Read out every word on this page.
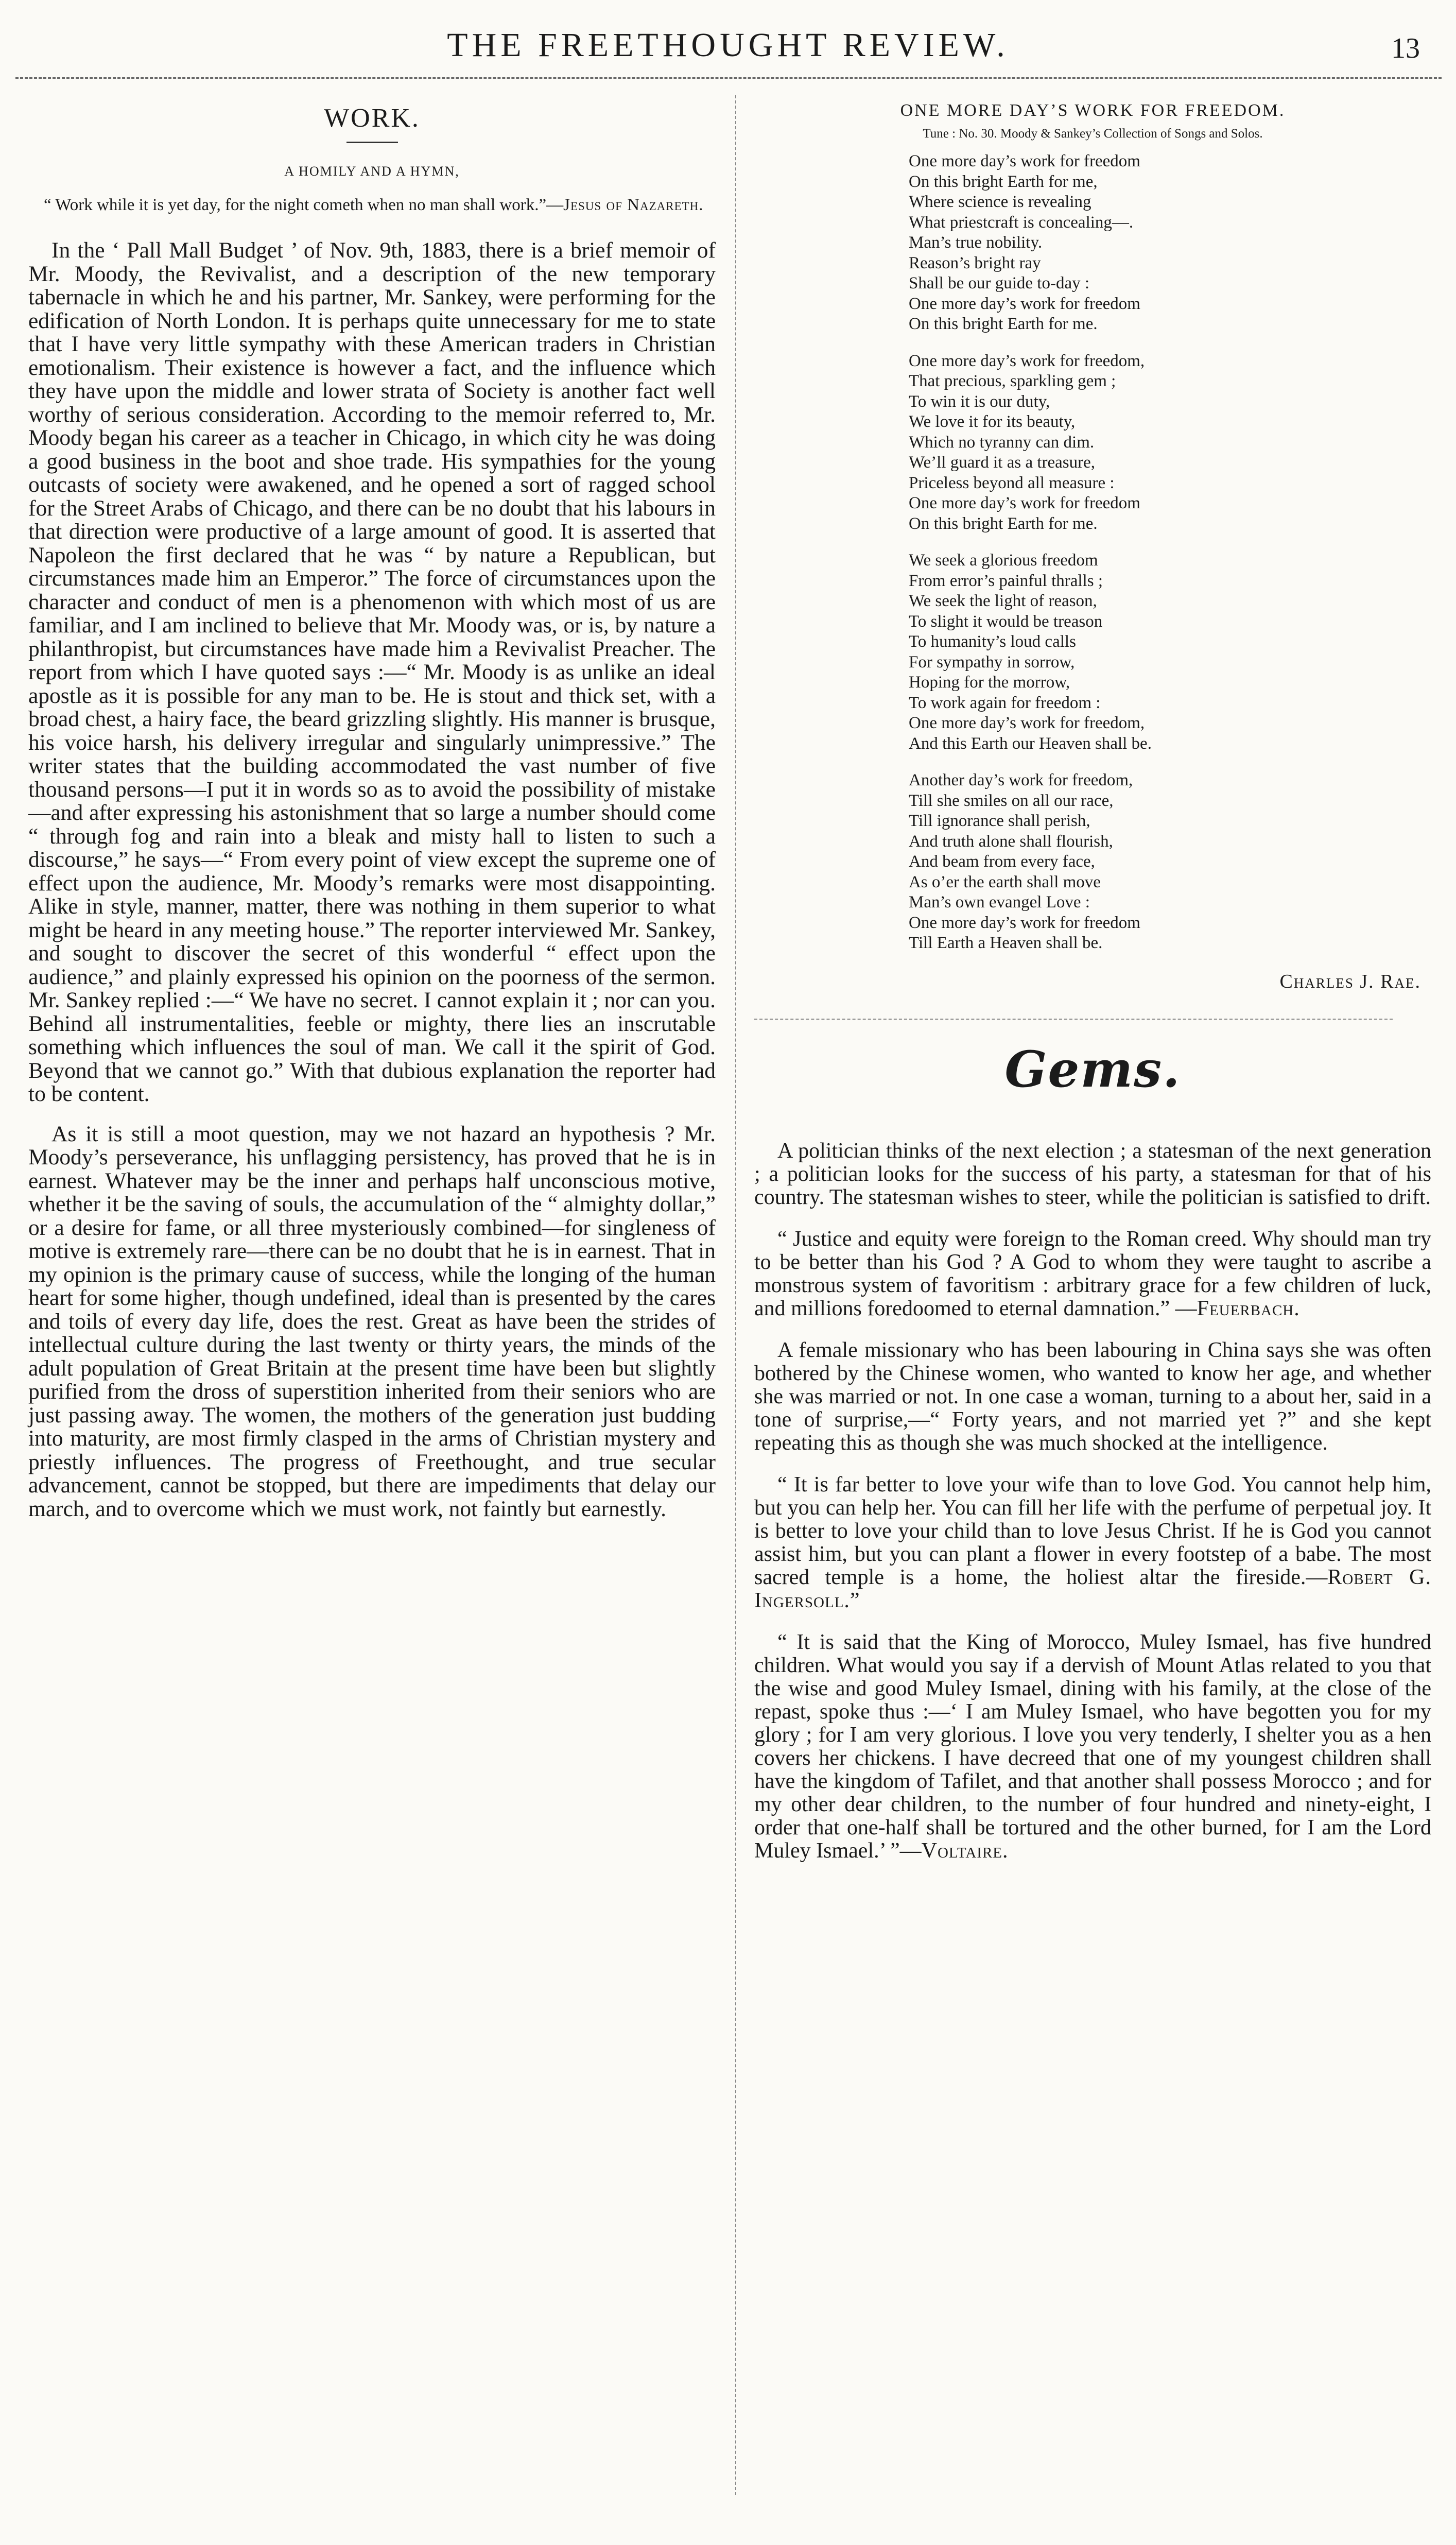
THE FREETHOUGHT REVIEW.	13
WORK.
A HOMILY AND A HYMN,

“ Work while it is yet day, for the night cometh when no man shall work.”—Jesus of Nazareth.

In the ‘ Pall Mall Budget ’ of Nov. 9th, 1883, there is a brief memoir of Mr. Moody, the Revivalist, and a description of the new temporary tabernacle in which he and his partner, Mr. Sankey, were performing for the edification of North London. It is perhaps quite unnecessary for me to state that I have very little sympathy with these American traders in Christian emotionalism. Their existence is however a fact, and the influence which they have upon the middle and lower strata of Society is another fact well worthy of serious consideration. According to the memoir referred to, Mr. Moody began his career as a teacher in Chicago, in which city he was doing a good business in the boot and shoe trade. His sympathies for the young outcasts of society were awakened, and he opened a sort of ragged school for the Street Arabs of Chicago, and there can be no doubt that his labours in that direction were productive of a large amount of good. It is asserted that Napoleon the first declared that he was “ by nature a Republican, but circumstances made him an Emperor.” The force of circumstances upon the character and conduct of men is a phenomenon with which most of us are familiar, and I am inclined to believe that Mr. Moody was, or is, by nature a philanthropist, but circumstances have made him a Revivalist Preacher. The report from which I have quoted says :—“ Mr. Moody is as unlike an ideal apostle as it is possible for any man to be. He is stout and thick set, with a broad chest, a hairy face, the beard grizzling slightly. His manner is brusque, his voice harsh, his delivery irregular and singularly unimpressive.” The writer states that the building accommodated the vast number of five thousand persons—I put it in words so as to avoid the possibility of mistake—and after expressing his astonishment that so large a number should come “ through fog and rain into a bleak and misty hall to listen to such a discourse,” he says—“ From every point of view except the supreme one of effect upon the audience, Mr. Moody’s remarks were most disappointing. Alike in style, manner, matter, there was nothing in them superior to what might be heard in any meeting house.” The reporter interviewed Mr. Sankey, and sought to discover the secret of this wonderful “ effect upon the audience,” and plainly expressed his opinion on the poorness of the sermon. Mr. Sankey replied :—“ We have no secret. I cannot explain it ; nor can you. Behind all instrumentalities, feeble or mighty, there lies an inscrutable something which influences the soul of man. We call it the spirit of God. Beyond that we cannot go.” With that dubious explanation the reporter had to be content.

As it is still a moot question, may we not hazard an hypothesis ? Mr. Moody’s perseverance, his unflagging persistency, has proved that he is in earnest. Whatever may be the inner and perhaps half unconscious motive, whether it be the saving of souls, the accumulation of the “ almighty dollar,” or a desire for fame, or all three mysteriously combined—for singleness of motive is extremely rare—there can be no doubt that he is in earnest. That in my opinion is the primary cause of success, while the longing of the human heart for some higher, though undefined, ideal than is presented by the cares and toils of every day life, does the rest. Great as have been the strides of intellectual culture during the last twenty or thirty years, the minds of the adult population of Great Britain at the present time have been but slightly purified from the dross of superstition inherited from their seniors who are just passing away. The women, the mothers of the generation just budding into maturity, are most firmly clasped in the arms of Christian mystery and priestly influences. The progress of Freethought, and true secular advancement, cannot be stopped, but there are impediments that delay our march, and to overcome which we must work, not faintly but earnestly.

ONE MORE DAY’S WORK FOR FREEDOM.
Tune : No. 30. Moody & Sankey’s Collection of Songs and Solos.
One more day’s work for freedom
On this bright Earth for me,
Where science is revealing
What priestcraft is concealing—.
Man’s true nobility.
Reason’s bright ray
Shall be our guide to-day :
One more day’s work for freedom
On this bright Earth for me.
One more day’s work for freedom,
That precious, sparkling gem ;
To win it is our duty,
We love it for its beauty,
Which no tyranny can dim.
We’ll guard it as a treasure,
Priceless beyond all measure :
One more day’s work for freedom
On this bright Earth for me.
We seek a glorious freedom
From error’s painful thralls ;
We seek the light of reason,
To slight it would be treason
To humanity’s loud calls
For sympathy in sorrow,
Hoping for the morrow,
To work again for freedom :
One more day’s work for freedom,
And this Earth our Heaven shall be.
Another day’s work for freedom,
Till she smiles on all our race,
Till ignorance shall perish,
And truth alone shall flourish,
And beam from every face,
As o’er the earth shall move
Man’s own evangel Love :
One more day’s work for freedom
Till Earth a Heaven shall be.
Charles J. Rae.
Gems.

A politician thinks of the next election ; a statesman of the next generation ; a politician looks for the success of his party, a statesman for that of his country. The statesman wishes to steer, while the politician is satisfied to drift.

“ Justice and equity were foreign to the Roman creed. Why should man try to be better than his God ? A God to whom they were taught to ascribe a monstrous system of favoritism : arbitrary grace for a few children of luck, and millions foredoomed to eternal damnation.” —Feuerbach.

A female missionary who has been labouring in China says she was often bothered by the Chinese women, who wanted to know her age, and whether she was married or not. In one case a woman, turning to a about her, said in a tone of surprise,—“ Forty years, and not married yet ?” and she kept repeating this as though she was much shocked at the intelligence.

“ It is far better to love your wife than to love God. You cannot help him, but you can help her. You can fill her life with the perfume of perpetual joy. It is better to love your child than to love Jesus Christ. If he is God you cannot assist him, but you can plant a flower in every footstep of a babe. The most sacred temple is a home, the holiest altar the fireside.—Robert G. Ingersoll.”

“ It is said that the King of Morocco, Muley Ismael, has five hundred children. What would you say if a dervish of Mount Atlas related to you that the wise and good Muley Ismael, dining with his family, at the close of the repast, spoke thus :—‘ I am Muley Ismael, who have begotten you for my glory ; for I am very glorious. I love you very tenderly, I shelter you as a hen covers her chickens. I have decreed that one of my youngest children shall have the kingdom of Tafilet, and that another shall possess Morocco ; and for my other dear children, to the number of four hundred and ninety-eight, I order that one-half shall be tortured and the other burned, for I am the Lord Muley Ismael.’ ”—Voltaire.
